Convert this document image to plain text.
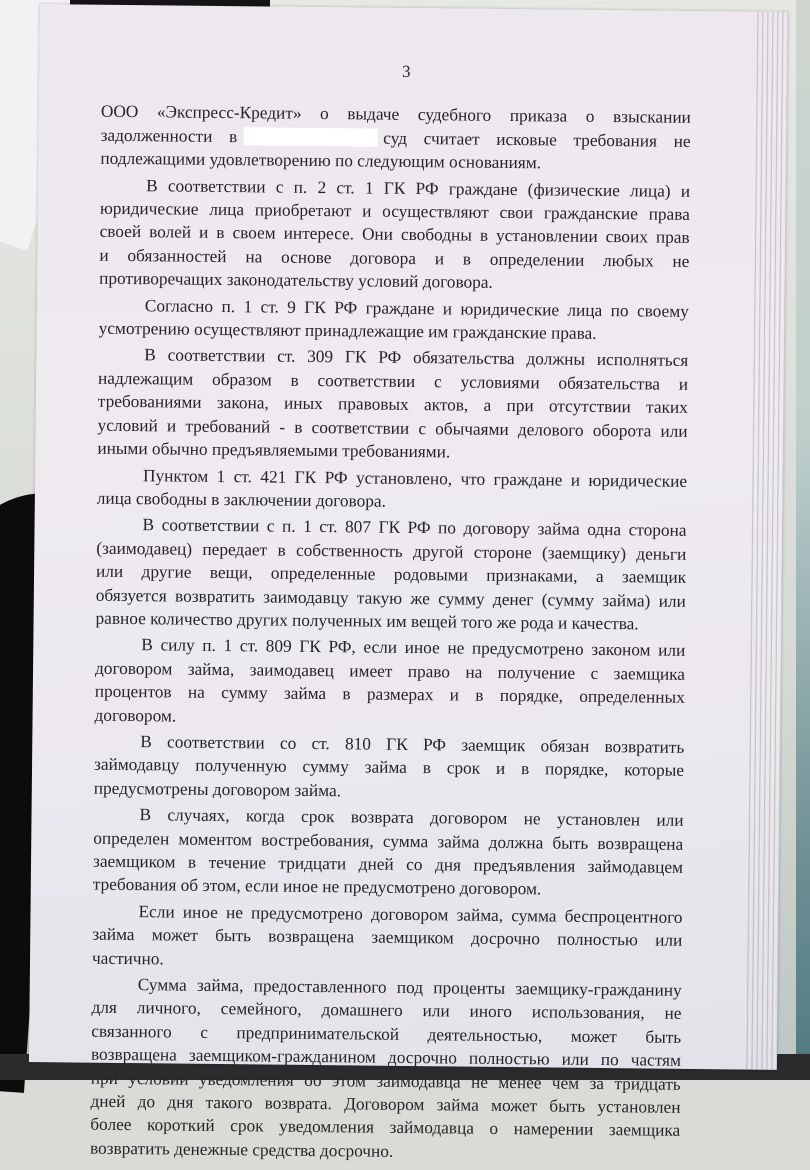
3
ООО «Экспресс-Кредит» о выдаче судебного приказа о взыскании
задолженности в	суд считает исковые требования не
подлежащими удовлетворению по следующим основаниям.
В соответствии с п. 2 ст. 1 ГК РФ граждане (физические лица) и
юридические лица приобретают и осуществляют свои гражданские права
своей волей и в своем интересе. Они свободны в установлении своих прав
и обязанностей на основе договора и в определении любых не
противоречащих законодательству условий договора.
Согласно п. 1 ст. 9 ГК РФ граждане и юридические лица по своему
усмотрению осуществляют принадлежащие им гражданские права.
В соответствии ст. 309 ГК РФ обязательства должны исполняться
надлежащим образом в соответствии с условиями обязательства и
требованиями закона, иных правовых актов, а при отсутствии таких
условий и требований - в соответствии с обычаями делового оборота или
иными обычно предъявляемыми требованиями.
Пунктом 1 ст. 421 ГК РФ установлено, что граждане и юридические
лица свободны в заключении договора.
В соответствии с п. 1 ст. 807 ГК РФ по договору займа одна сторона
(заимодавец) передает в собственность другой стороне (заемщику) деньги
или другие вещи, определенные родовыми признаками, а заемщик
обязуется возвратить заимодавцу такую же сумму денег (сумму займа) или
равное количество других полученных им вещей того же рода и качества.
В силу п. 1 ст. 809 ГК РФ, если иное не предусмотрено законом или
договором займа, заимодавец имеет право на получение с заемщика
процентов на сумму займа в размерах и в порядке, определенных
договором.
В соответствии со ст. 810 ГК РФ заемщик обязан возвратить
займодавцу полученную сумму займа в срок и в порядке, которые
предусмотрены договором займа.
В случаях, когда срок возврата договором не установлен или
определен моментом востребования, сумма займа должна быть возвращена
заемщиком в течение тридцати дней со дня предъявления займодавцем
требования об этом, если иное не предусмотрено договором.
Если иное не предусмотрено договором займа, сумма беспроцентного
займа может быть возвращена заемщиком досрочно полностью или
частично.
Сумма займа, предоставленного под проценты заемщику-гражданину
для личного, семейного, домашнего или иного использования, не
связанного с предпринимательской деятельностью, может быть
возвращена заемщиком-гражданином досрочно полностью или по частям
при условии уведомления об этом займодавца не менее чем за тридцать
дней до дня такого возврата. Договором займа может быть установлен
более короткий срок уведомления займодавца о намерении заемщика
возвратить денежные средства досрочно.
